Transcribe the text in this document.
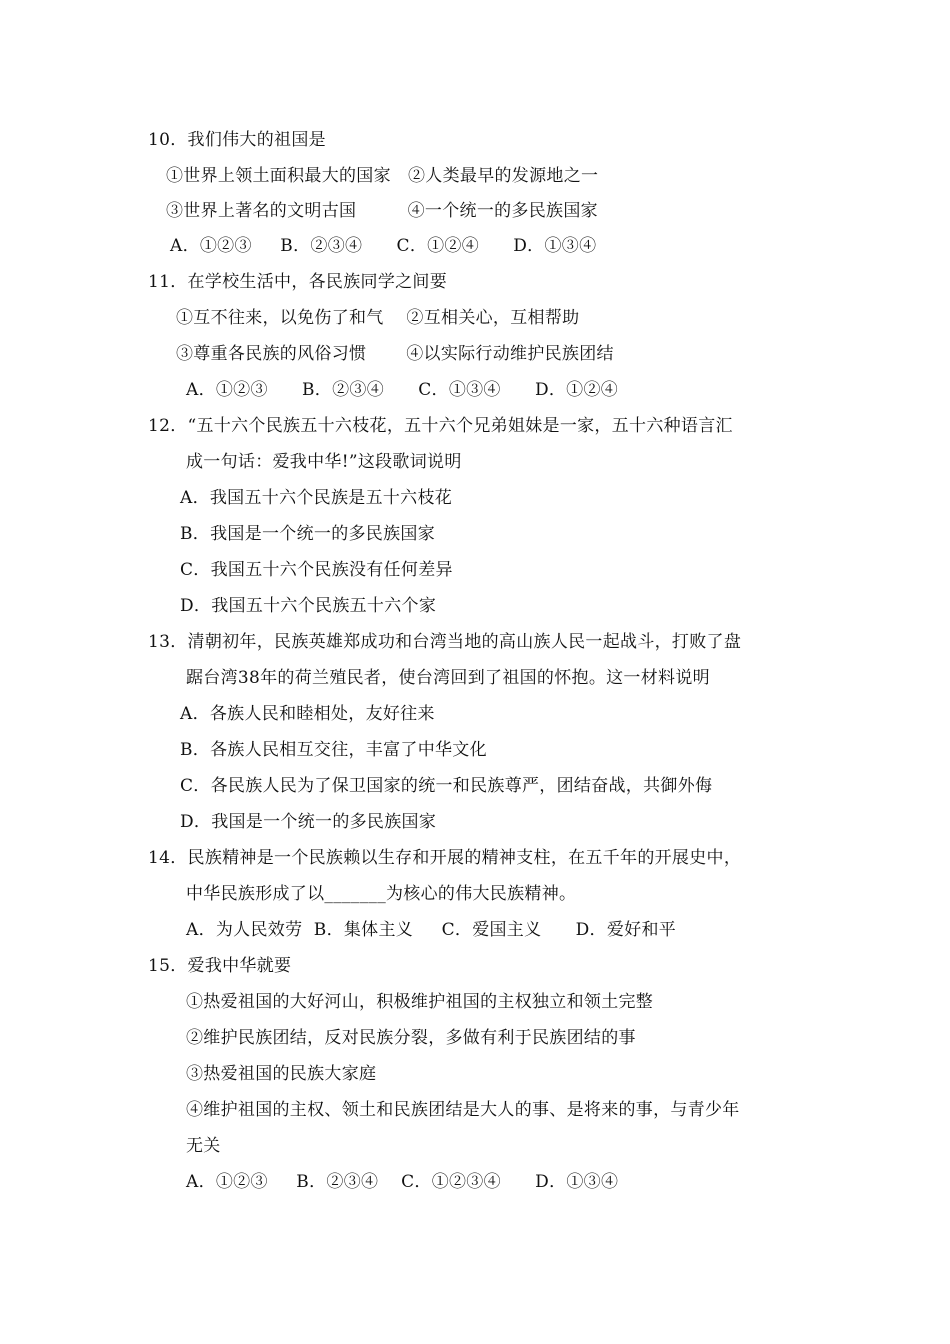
10．我们伟大的祖国是
①世界上领土面积最大的国家   ②人类最早的发源地之一
③世界上著名的文明古国         ④一个统一的多民族国家
A．①②③     B．②③④      C．①②④      D．①③④
11．在学校生活中，各民族同学之间要
①互不往来，以免伤了和气    ②互相关心，互相帮助
③尊重各民族的风俗习惯       ④以实际行动维护民族团结
A．①②③      B．②③④      C．①③④      D．①②④
12．“五十六个民族五十六枝花，五十六个兄弟姐妹是一家，五十六种语言汇
成一句话：爱我中华!”这段歌词说明
A．我国五十六个民族是五十六枝花
B．我国是一个统一的多民族国家
C．我国五十六个民族没有任何差异
D．我国五十六个民族五十六个家
13．清朝初年，民族英雄郑成功和台湾当地的高山族人民一起战斗，打败了盘
踞台湾38年的荷兰殖民者，使台湾回到了祖国的怀抱。这一材料说明
A．各族人民和睦相处，友好往来
B．各族人民相互交往，丰富了中华文化
C．各民族人民为了保卫国家的统一和民族尊严，团结奋战，共御外侮
D．我国是一个统一的多民族国家
14．民族精神是一个民族赖以生存和开展的精神支柱，在五千年的开展史中，
中华民族形成了以_______为核心的伟大民族精神。
A．为人民效劳  B．集体主义     C．爱国主义      D．爱好和平
15．爱我中华就要
①热爱祖国的大好河山，积极维护祖国的主权独立和领土完整
②维护民族团结，反对民族分裂，多做有利于民族团结的事
③热爱祖国的民族大家庭
④维护祖国的主权、领土和民族团结是大人的事、是将来的事，与青少年
无关
A．①②③     B．②③④    C．①②③④      D．①③④
